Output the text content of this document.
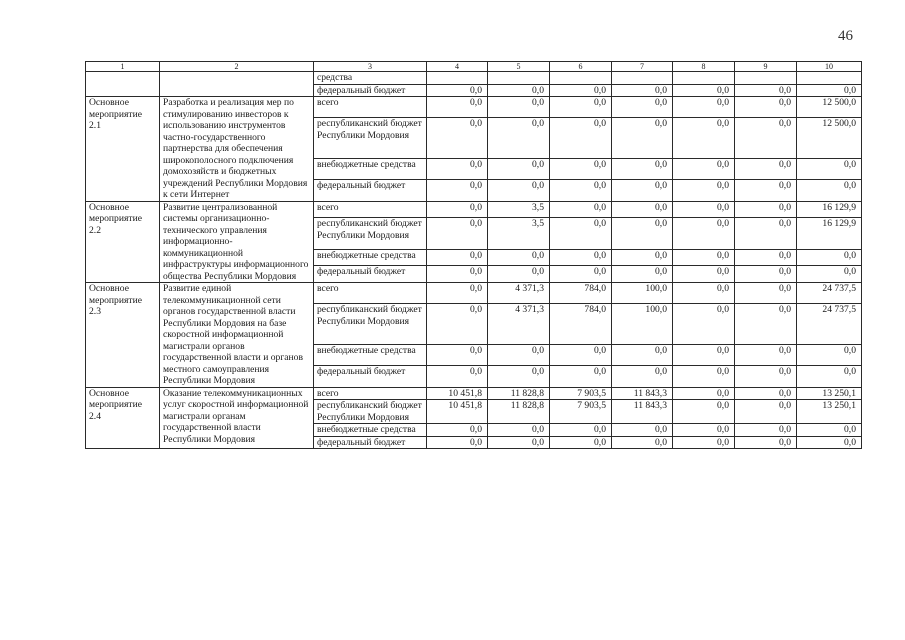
46
1	2	3	4	5	6	7	8	9	10
		средства							
		федеральный бюджет	0,0	0,0	0,0	0,0	0,0	0,0	0,0
Основное мероприятие 2.1	Разработка и реализация мер по стимулированию инвесторов к использованию инструментов частно-государственного партнерства для обеспечения широкополосного подключения домохозяйств и бюджетных учреждений Республики Мордовия к сети Интернет	всего	0,0	0,0	0,0	0,0	0,0	0,0	12 500,0
		республиканский бюджет Республики Мордовия	0,0	0,0	0,0	0,0	0,0	0,0	12 500,0
		внебюджетные средства	0,0	0,0	0,0	0,0	0,0	0,0	0,0
		федеральный бюджет	0,0	0,0	0,0	0,0	0,0	0,0	0,0
Основное мероприятие 2.2	Развитие централизованной системы организационно-технического управления информационно-коммуникационной инфраструктуры информационного общества Республики Мордовия	всего	0,0	3,5	0,0	0,0	0,0	0,0	16 129,9
		республиканский бюджет Республики Мордовия	0,0	3,5	0,0	0,0	0,0	0,0	16 129,9
		внебюджетные средства	0,0	0,0	0,0	0,0	0,0	0,0	0,0
		федеральный бюджет	0,0	0,0	0,0	0,0	0,0	0,0	0,0
Основное мероприятие 2.3	Развитие единой телекоммуникационной сети органов государственной власти Республики Мордовия на базе скоростной информационной магистрали органов государственной власти и органов местного самоуправления Республики Мордовия	всего	0,0	4 371,3	784,0	100,0	0,0	0,0	24 737,5
		республиканский бюджет Республики Мордовия	0,0	4 371,3	784,0	100,0	0,0	0,0	24 737,5
		внебюджетные средства	0,0	0,0	0,0	0,0	0,0	0,0	0,0
		федеральный бюджет	0,0	0,0	0,0	0,0	0,0	0,0	0,0
Основное мероприятие 2.4	Оказание телекоммуникационных услуг скоростной информационной магистрали органам государственной власти Республики Мордовия	всего	10 451,8	11 828,8	7 903,5	11 843,3	0,0	0,0	13 250,1
		республиканский бюджет Республики Мордовия	10 451,8	11 828,8	7 903,5	11 843,3	0,0	0,0	13 250,1
		внебюджетные средства	0,0	0,0	0,0	0,0	0,0	0,0	0,0
		федеральный бюджет	0,0	0,0	0,0	0,0	0,0	0,0	0,0
